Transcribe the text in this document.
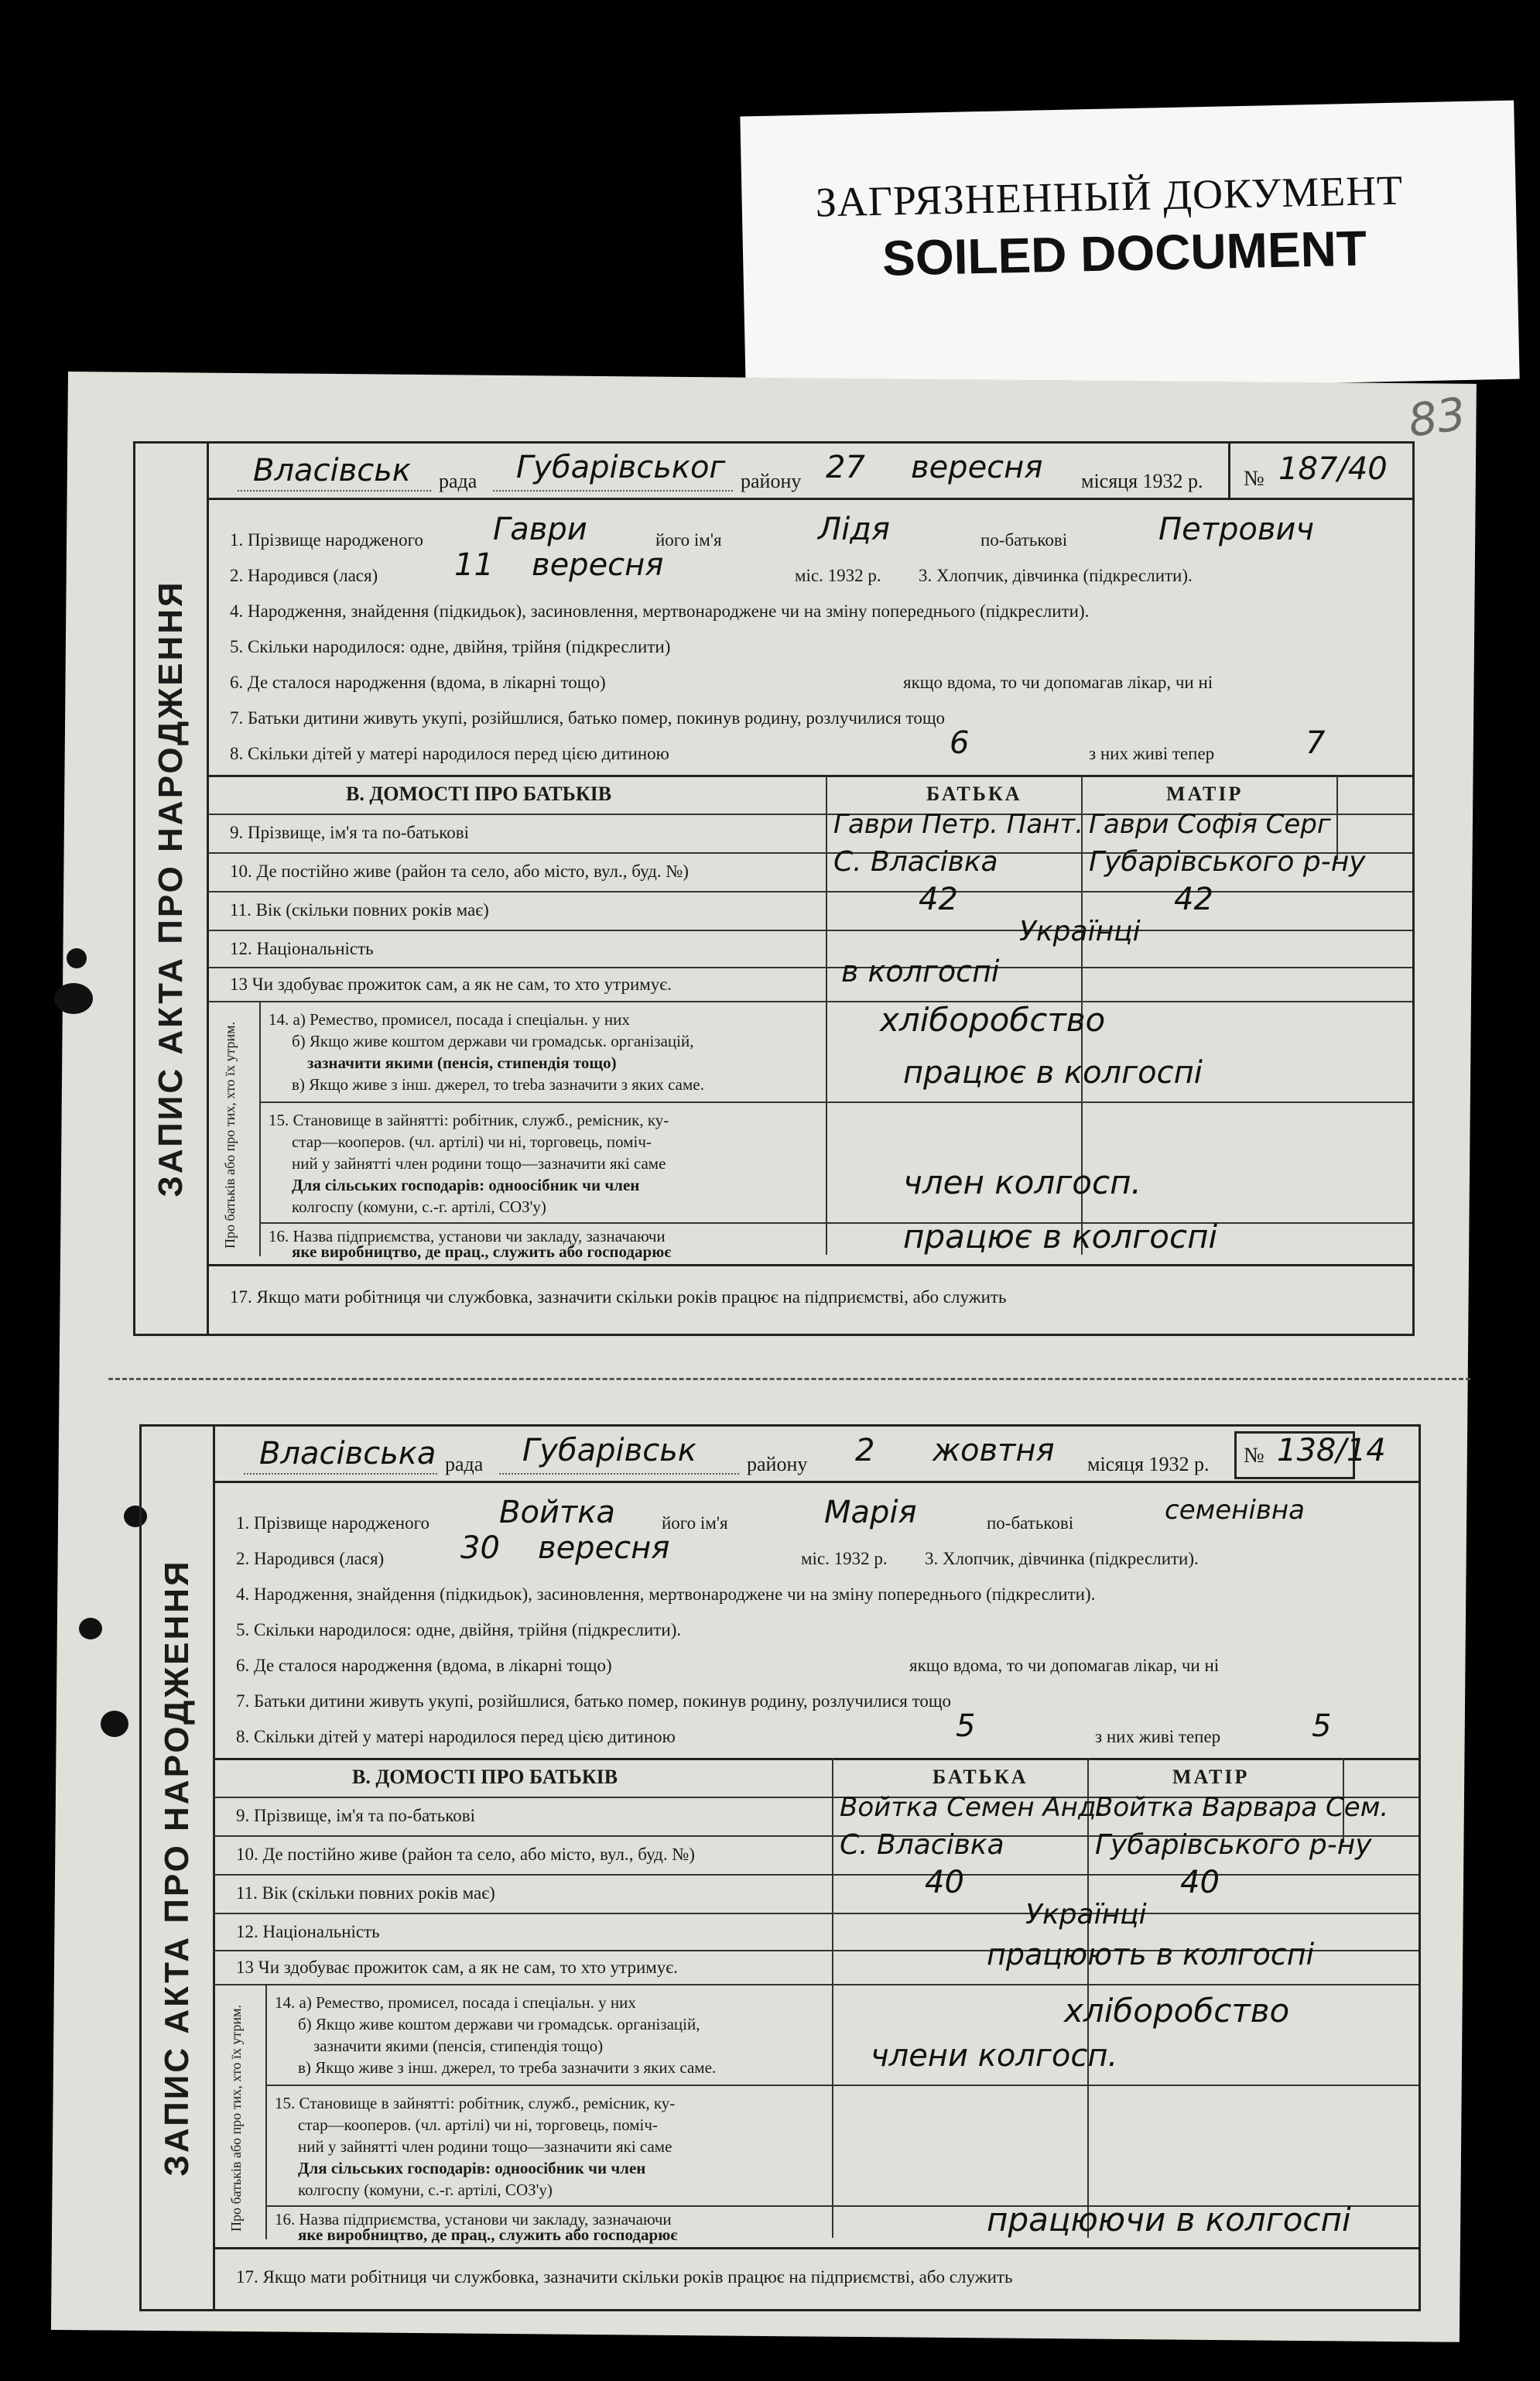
ЗАГРЯЗНЕННЫЙ ДОКУМЕНТ
SOILED DOCUMENT
83
ЗАПИС АКТА ПРО НАРОДЖЕННЯ
Власівськ рада Губарівськог району 27 вересня місяця 1932 р. № 187/40
1. Прізвище народженого Гаври	його ім'я	Лідя	по-батькові	Петрович
2. Народився (лася) 11 вересня	міс. 1932 р. 3. Хлопчик, дівчинка (підкреслити).
4. Народження, знайдення (підкидьок), засиновлення, мертвонароджене чи на зміну попереднього (підкреслити).
5. Скільки народилося: одне, двійня, трійня (підкреслити)
6. Де сталося народження (вдома, в лікарні тощо)	якщо вдома, то чи допомагав лікар, чи ні
7. Батьки дитини живуть укупі, розійшлися, батько помер, покинув родину, розлучилися тощо
8. Скільки дітей у матері народилося перед цією дитиною	6	з них живі тепер	7
В. ДОМОСТІ ПРО БАТЬКІВ	БАТЬКА	МАТІР
9. Прізвище, ім'я та по-батькові	Гаври Петр. Пант. Гаври Софія Серг
10. Де постійно живе (район та село, або місто, вул., буд. №)	С. Власівка	Губарівського р-ну
11. Вік (скільки повних років має)	42	42
12. Національність
Українці
13 Чи здобуває прожиток сам, а як не сам, то хто утримує.	в колгоспі
Про батьків або про тих, хто їх утрим.
14. а) Ремество, промисел, посада і спеціальн. у них
б) Якщо живе коштом держави чи громадськ. організацій,
зазначити якими (пенсія, стипендія тощо)
в) Якщо живе з інш. джерел, то treba зазначити з яких саме.
хліборобство
працює в колгоспі
15. Становище в зайнятті: робітник, служб., ремісник, ку-
стар—кооперов. (чл. артілі) чи ні, торговець, поміч-
ний у зайнятті член родини тощо—зазначити які саме
Для сільських господарів: одноосібник чи член
колгоспу (комуни, с.-г. артілі, СОЗ'у)
член колгосп.
16. Назва підприємства, установи чи закладу, зазначаючи
яке виробництво, де прац., служить або господарює	працює в колгоспі
17. Якщо мати робітниця чи службовка, зазначити скільки років працює на підприємстві, або служить
ЗАПИС АКТА ПРО НАРОДЖЕННЯ
Власівська рада Губарівськ	району 2 жовтня місяця 1932 р. № 138/14
1. Прізвище народженого Войтка	його ім'я	Марія	по-батькові	семенівна
2. Народився (лася) 30 вересня	міс. 1932 р. 3. Хлопчик, дівчинка (підкреслити).
4. Народження, знайдення (підкидьок), засиновлення, мертвонароджене чи на зміну попереднього (підкреслити).
5. Скільки народилося: одне, двійня, трійня (підкреслити).
6. Де сталося народження (вдома, в лікарні тощо)	якщо вдома, то чи допомагав лікар, чи ні
7. Батьки дитини живуть укупі, розійшлися, батько помер, покинув родину, розлучилися тощо
8. Скільки дітей у матері народилося перед цією дитиною	5	з них живі тепер	5
В. ДОМОСТІ ПРО БАТЬКІВ	БАТЬКА	МАТІР
9. Прізвище, ім'я та по-батькові	Войтка Семен Анд.
Войтка Варвара Сем.
10. Де постійно живе (район та село, або місто, вул., буд. №)	С. Власівка	Губарівського р-ну
11. Вік (скільки повних років має)	40	40
12. Національність
Українці
13 Чи здобуває прожиток сам, а як не сам, то хто утримує.	працюють в колгоспі
Про батьків або про тих, хто їх утрим.
14. а) Ремество, промисел, посада і спеціальн. у них
б) Якщо живе коштом держави чи громадськ. організацій,
зазначити якими (пенсія, стипендія тощо)
в) Якщо живе з інш. джерел, то треба зазначити з яких саме.
хліборобство
члени колгосп.
15. Становище в зайнятті: робітник, служб., ремісник, ку-
стар—кооперов. (чл. артілі) чи ні, торговець, поміч-
ний у зайнятті член родини тощо—зазначити які саме
Для сільських господарів: одноосібник чи член
колгоспу (комуни, с.-г. артілі, СОЗ'у)
16. Назва підприємства, установи чи закладу, зазначаючи
яке виробництво, де прац., служить або господарює	працюючи в колгоспі
17. Якщо мати робітниця чи службовка, зазначити скільки років працює на підприємстві, або служить
